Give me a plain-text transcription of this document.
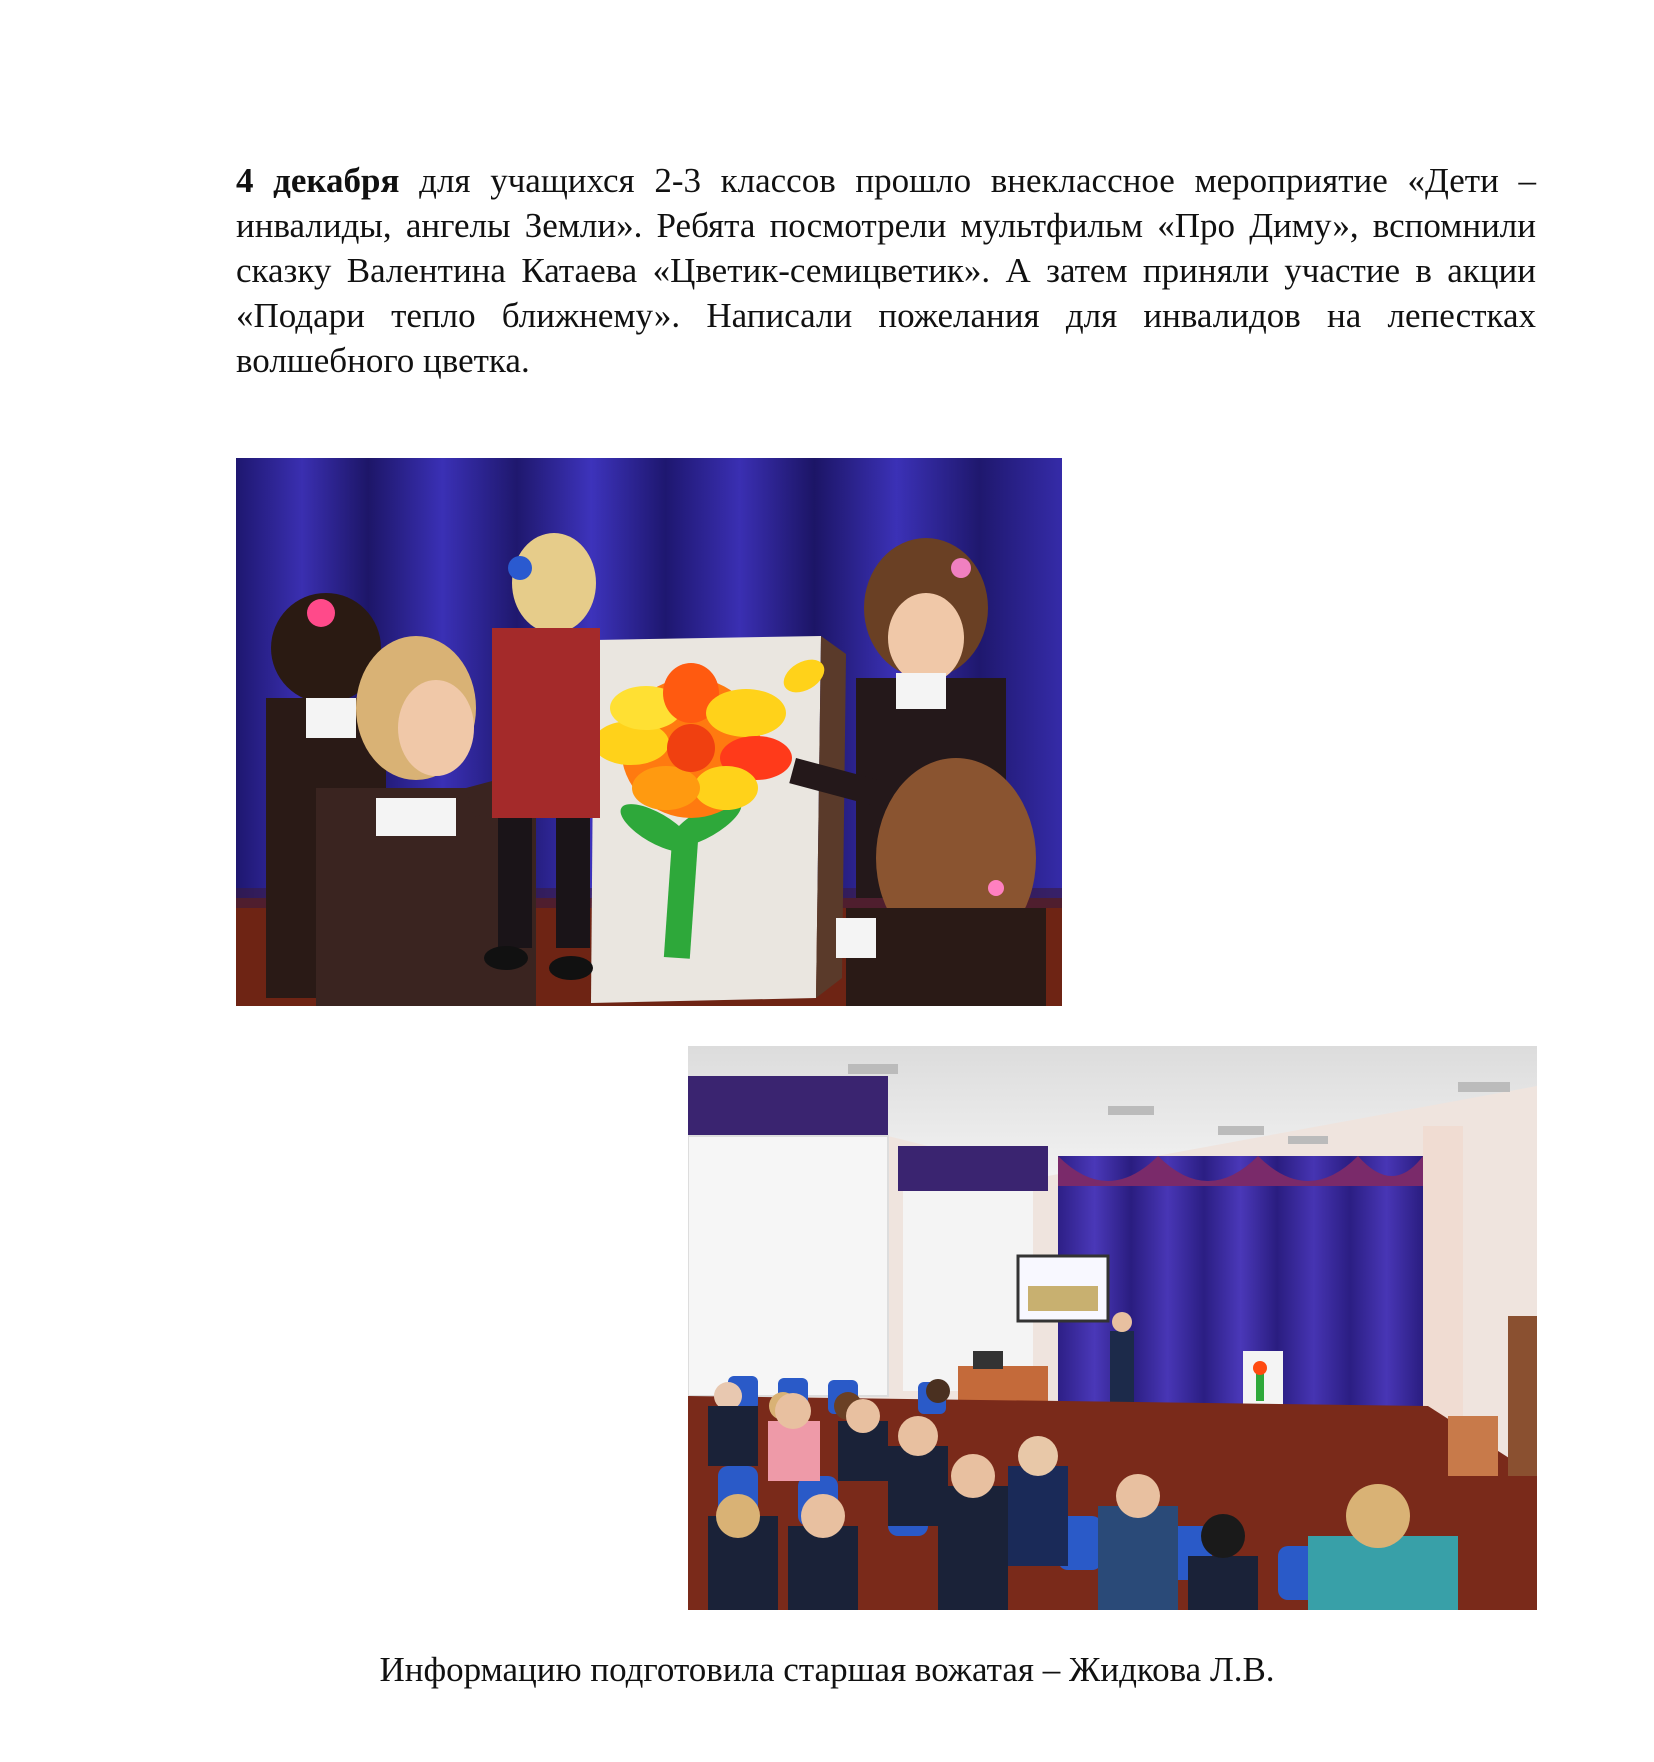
4 декабря для учащихся 2-3 классов прошло внеклассное мероприятие «Дети – инвалиды, ангелы Земли». Ребята посмотрели мультфильм «Про Диму», вспомнили сказку Валентина Катаева «Цветик-семицветик». А затем приняли участие в акции «Подари тепло ближнему». Написали пожелания для инвалидов на лепестках волшебного цветка.
Информацию подготовила старшая вожатая – Жидкова Л.В.
